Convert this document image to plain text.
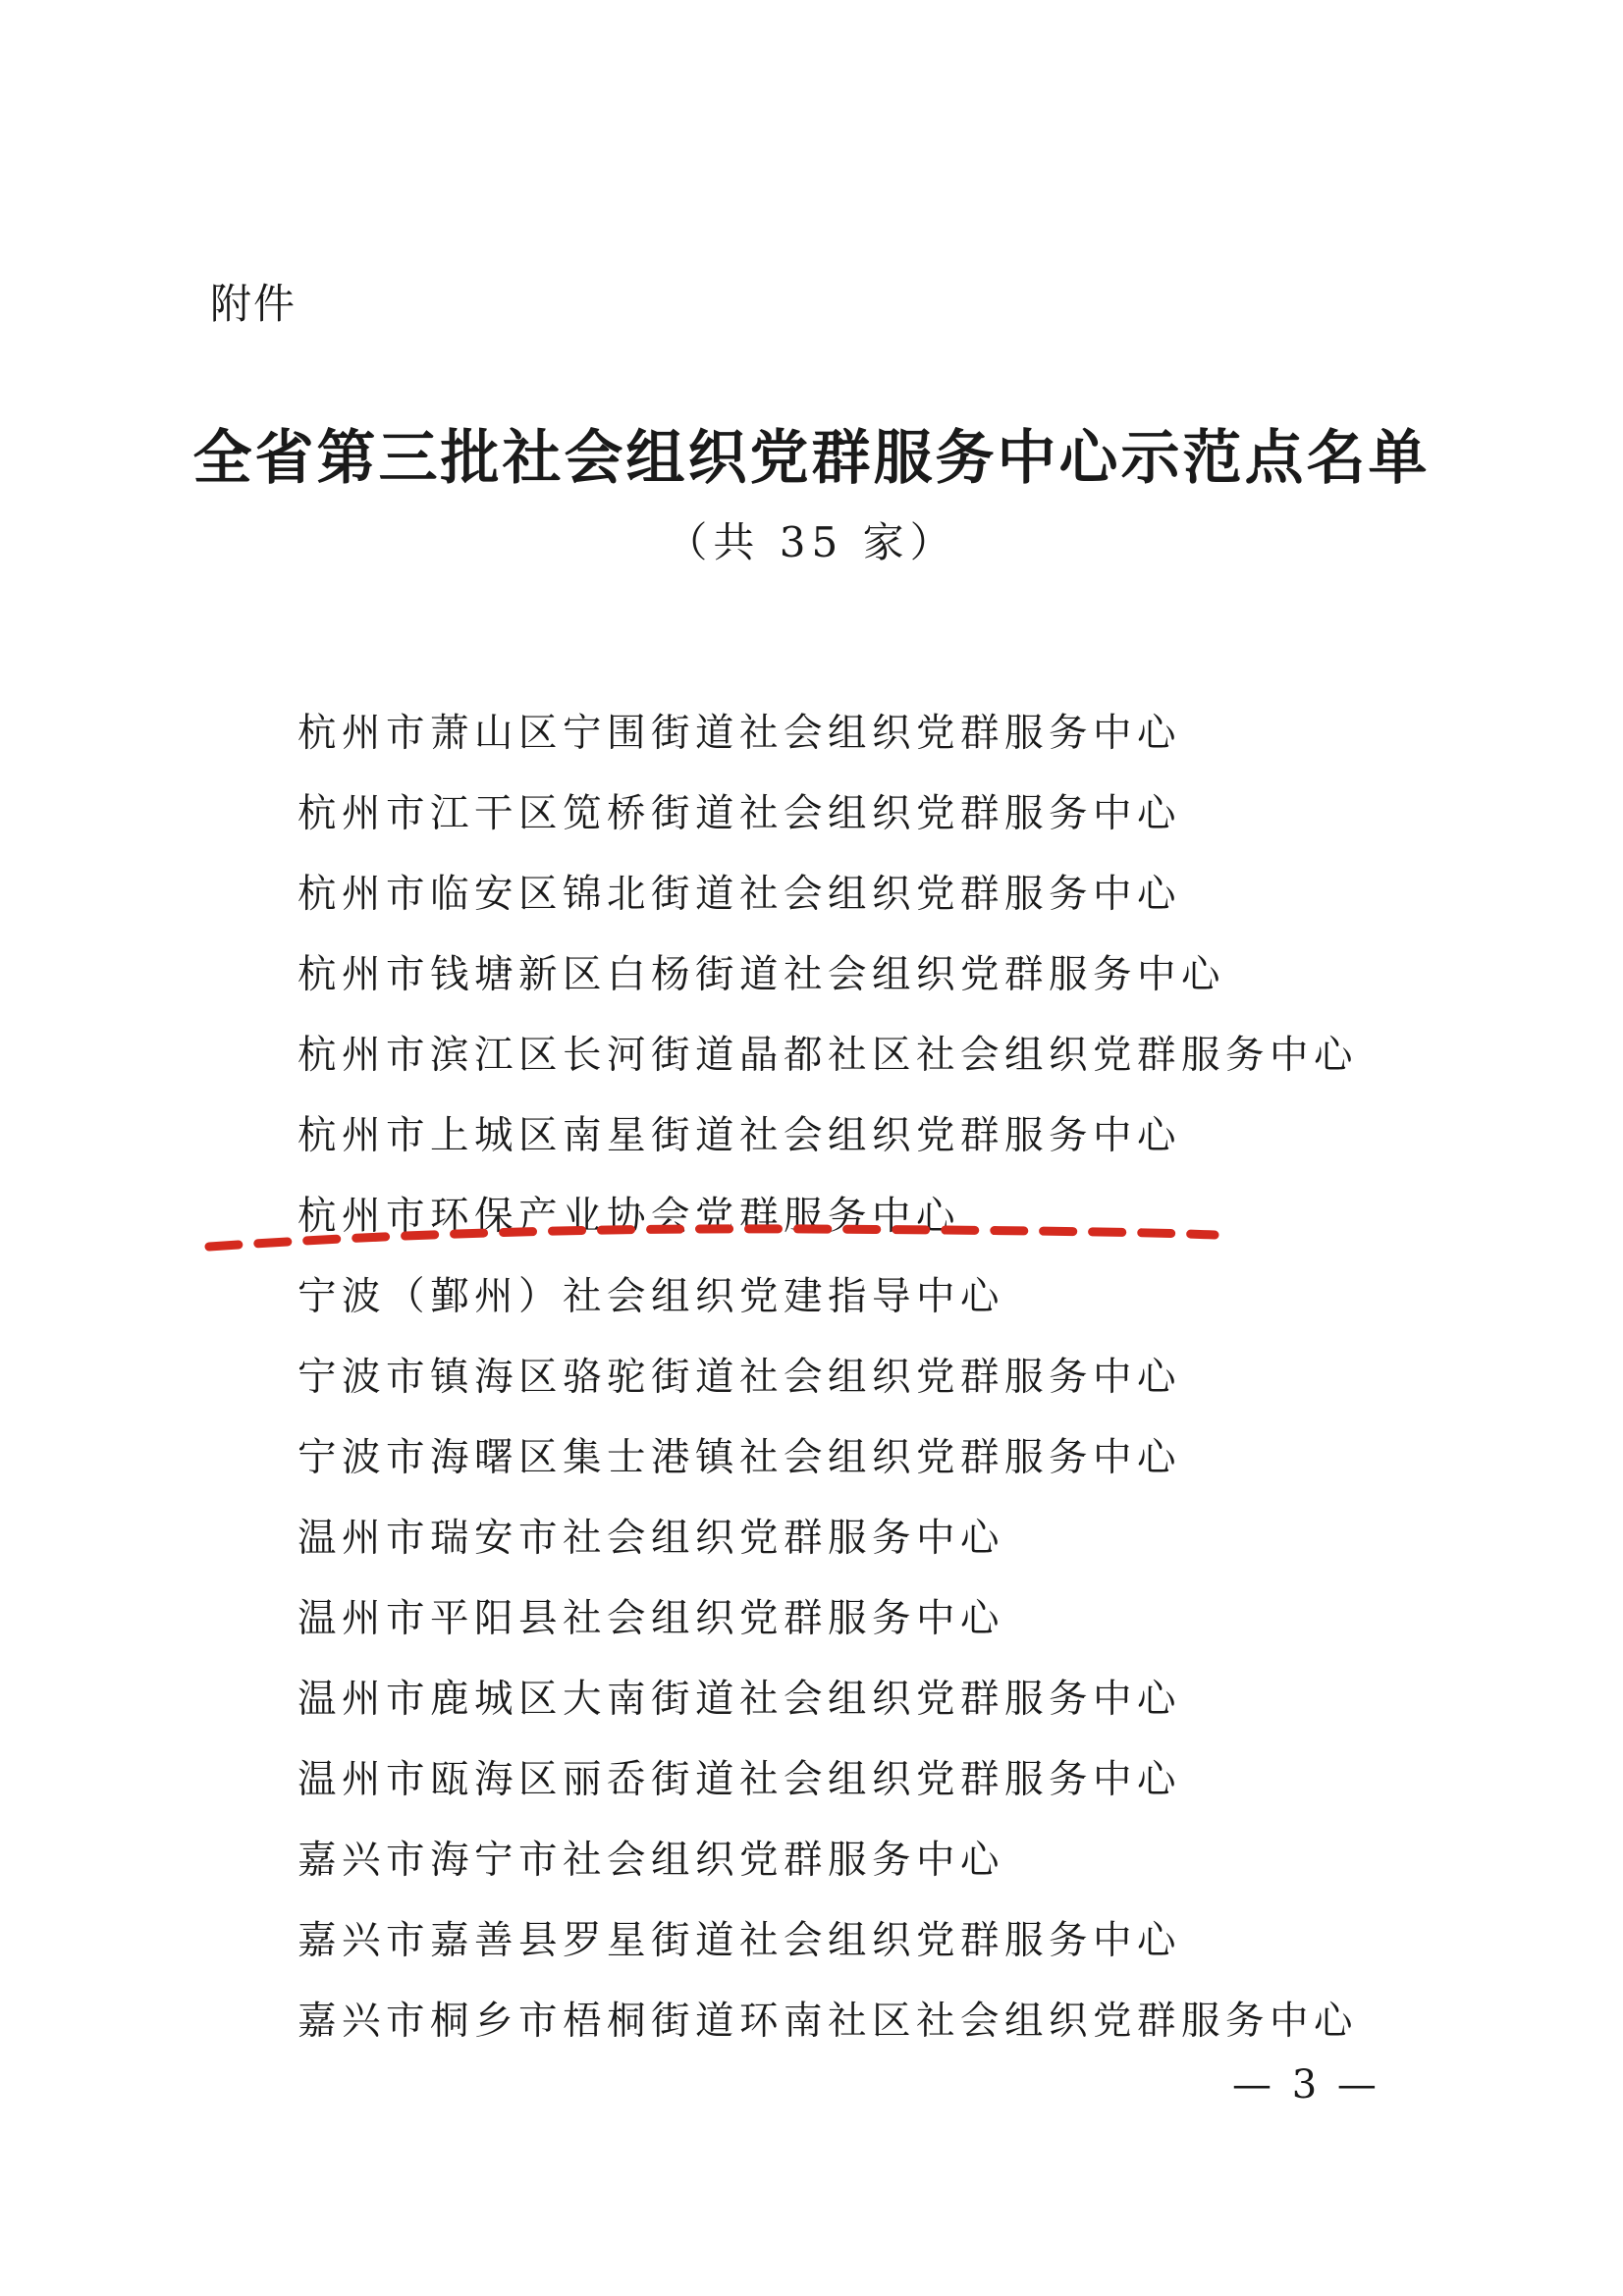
附件
全省第三批社会组织党群服务中心示范点名单
（共 35 家）
杭州市萧山区宁围街道社会组织党群服务中心
杭州市江干区笕桥街道社会组织党群服务中心
杭州市临安区锦北街道社会组织党群服务中心
杭州市钱塘新区白杨街道社会组织党群服务中心
杭州市滨江区长河街道晶都社区社会组织党群服务中心
杭州市上城区南星街道社会组织党群服务中心
杭州市环保产业协会党群服务中心
宁波（鄞州）社会组织党建指导中心
宁波市镇海区骆驼街道社会组织党群服务中心
宁波市海曙区集士港镇社会组织党群服务中心
温州市瑞安市社会组织党群服务中心
温州市平阳县社会组织党群服务中心
温州市鹿城区大南街道社会组织党群服务中心
温州市瓯海区丽岙街道社会组织党群服务中心
嘉兴市海宁市社会组织党群服务中心
嘉兴市嘉善县罗星街道社会组织党群服务中心
嘉兴市桐乡市梧桐街道环南社区社会组织党群服务中心
— 3 —
